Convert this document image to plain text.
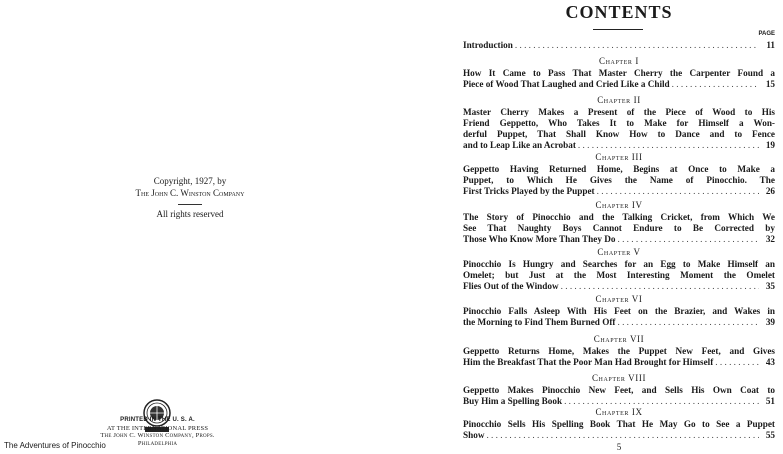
Copyright, 1927, by
The John C. Winston Company
All rights reserved
PRINTED IN THE U. S. A.
AT THE INTERNATIONAL PRESS
The John C. Winston Company, Props.
Philadelphia
The Adventures of Pinocchio
CONTENTS
PAGE
Introduction . . .	11
Chapter I
How It Came to Pass That Master Cherry the Carpenter Found a
Piece of Wood That Laughed and Cried Like a Child . . .	15
Chapter II
Master Cherry Makes a Present of the Piece of Wood to His
Friend Geppetto, Who Takes It to Make for Himself a Won-
derful Puppet, That Shall Know How to Dance and to Fence
and to Leap Like an Acrobat . . .	19
Chapter III
Geppetto Having Returned Home, Begins at Once to Make a
Puppet, to Which He Gives the Name of Pinocchio. The
First Tricks Played by the Puppet . . .	26
Chapter IV
The Story of Pinocchio and the Talking Cricket, from Which We
See That Naughty Boys Cannot Endure to Be Corrected by
Those Who Know More Than They Do . . .	32
Chapter V
Pinocchio Is Hungry and Searches for an Egg to Make Himself an
Omelet; but Just at the Most Interesting Moment the Omelet
Flies Out of the Window . . .	35
Chapter VI
Pinocchio Falls Asleep With His Feet on the Brazier, and Wakes in
the Morning to Find Them Burned Off . . .	39
Chapter VII
Geppetto Returns Home, Makes the Puppet New Feet, and Gives
Him the Breakfast That the Poor Man Had Brought for Himself . . .	43
Chapter VIII
Geppetto Makes Pinocchio New Feet, and Sells His Own Coat to
Buy Him a Spelling Book . . .	51
Chapter IX
Pinocchio Sells His Spelling Book That He May Go to See a Puppet
Show . . .	55
5
